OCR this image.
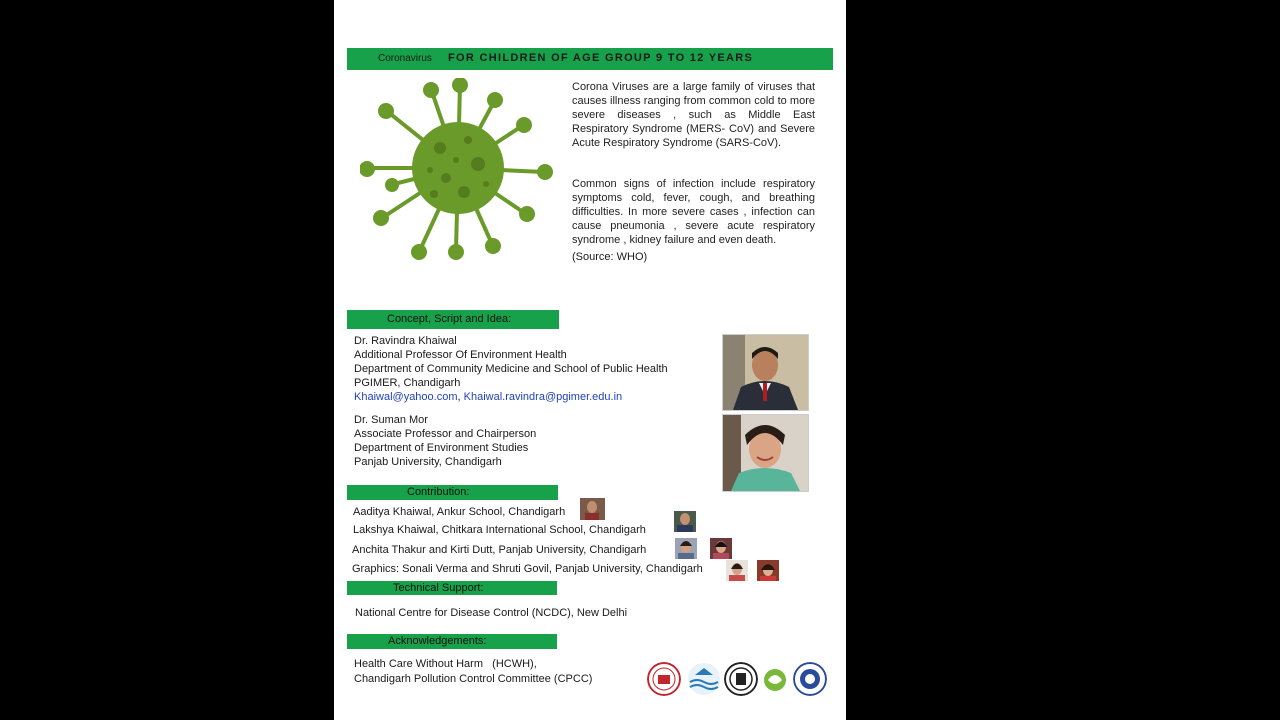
Coronavirus FOR CHILDREN OF AGE GROUP 9 TO 12 YEARS
Corona Viruses are a large family of viruses that causes illness ranging from common cold to more severe diseases , such as Middle East Respiratory Syndrome (MERS- CoV) and Severe Acute Respiratory Syndrome (SARS-CoV).
Common signs of infection include respiratory symptoms cold, fever, cough, and breathing difficulties. In more severe cases , infection can cause pneumonia , severe acute respiratory syndrome , kidney failure and even death.
(Source: WHO)
Concept, Script and Idea:
Dr. Ravindra Khaiwal
Additional Professor Of Environment Health
Department of Community Medicine and School of Public Health
PGIMER, Chandigarh
Khaiwal@yahoo.com, Khaiwal.ravindra@pgimer.edu.in
Dr. Suman Mor
Associate Professor and Chairperson
Department of Environment Studies
Panjab University, Chandigarh
Contribution:
Aaditya Khaiwal, Ankur School, Chandigarh
Lakshya Khaiwal, Chitkara International School, Chandigarh
Anchita Thakur and Kirti Dutt, Panjab University, Chandigarh
Graphics: Sonali Verma and Shruti Govil, Panjab University, Chandigarh
Technical Support:
National Centre for Disease Control (NCDC), New Delhi
Acknowledgements:
Health Care Without Harm   (HCWH),
Chandigarh Pollution Control Committee (CPCC)
